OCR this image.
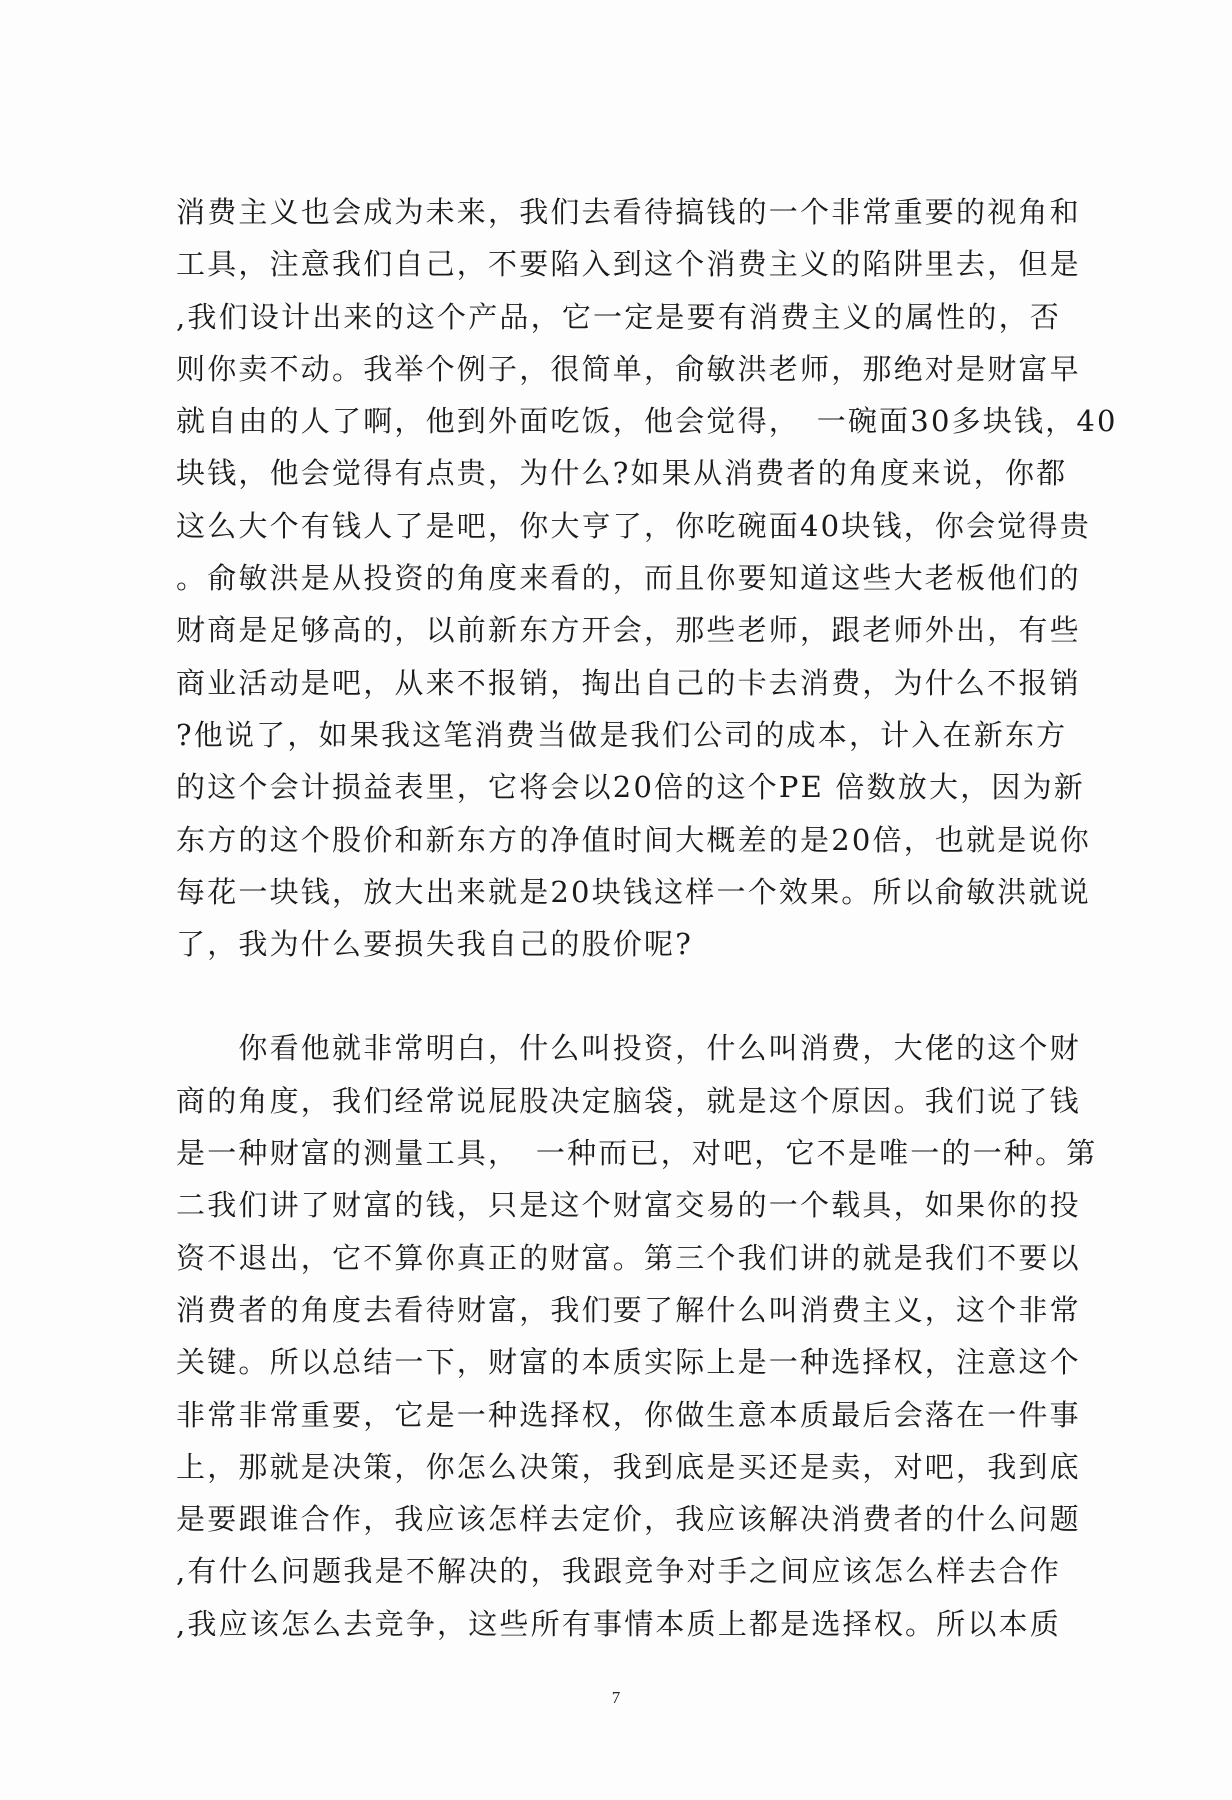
消费主义也会成为未来，我们去看待搞钱的一个非常重要的视角和
工具，注意我们自己，不要陷入到这个消费主义的陷阱里去，但是
,我们设计出来的这个产品，它一定是要有消费主义的属性的，否
则你卖不动。我举个例子，很简单，俞敏洪老师，那绝对是财富早
就自由的人了啊，他到外面吃饭，他会觉得，　一碗面30多块钱，40
块钱，他会觉得有点贵，为什么?如果从消费者的角度来说，你都
这么大个有钱人了是吧，你大亨了，你吃碗面40块钱，你会觉得贵
。俞敏洪是从投资的角度来看的，而且你要知道这些大老板他们的
财商是足够高的，以前新东方开会，那些老师，跟老师外出，有些
商业活动是吧，从来不报销，掏出自己的卡去消费，为什么不报销
?他说了，如果我这笔消费当做是我们公司的成本，计入在新东方
的这个会计损益表里，它将会以20倍的这个PE 倍数放大，因为新
东方的这个股价和新东方的净值时间大概差的是20倍，也就是说你
每花一块钱，放大出来就是20块钱这样一个效果。所以俞敏洪就说
了，我为什么要损失我自己的股价呢?
　　你看他就非常明白，什么叫投资，什么叫消费，大佬的这个财
商的角度，我们经常说屁股决定脑袋，就是这个原因。我们说了钱
是一种财富的测量工具，　一种而已，对吧，它不是唯一的一种。第
二我们讲了财富的钱，只是这个财富交易的一个载具，如果你的投
资不退出，它不算你真正的财富。第三个我们讲的就是我们不要以
消费者的角度去看待财富，我们要了解什么叫消费主义，这个非常
关键。所以总结一下，财富的本质实际上是一种选择权，注意这个
非常非常重要，它是一种选择权，你做生意本质最后会落在一件事
上，那就是决策，你怎么决策，我到底是买还是卖，对吧，我到底
是要跟谁合作，我应该怎样去定价，我应该解决消费者的什么问题
,有什么问题我是不解决的，我跟竞争对手之间应该怎么样去合作
,我应该怎么去竞争，这些所有事情本质上都是选择权。所以本质
7
